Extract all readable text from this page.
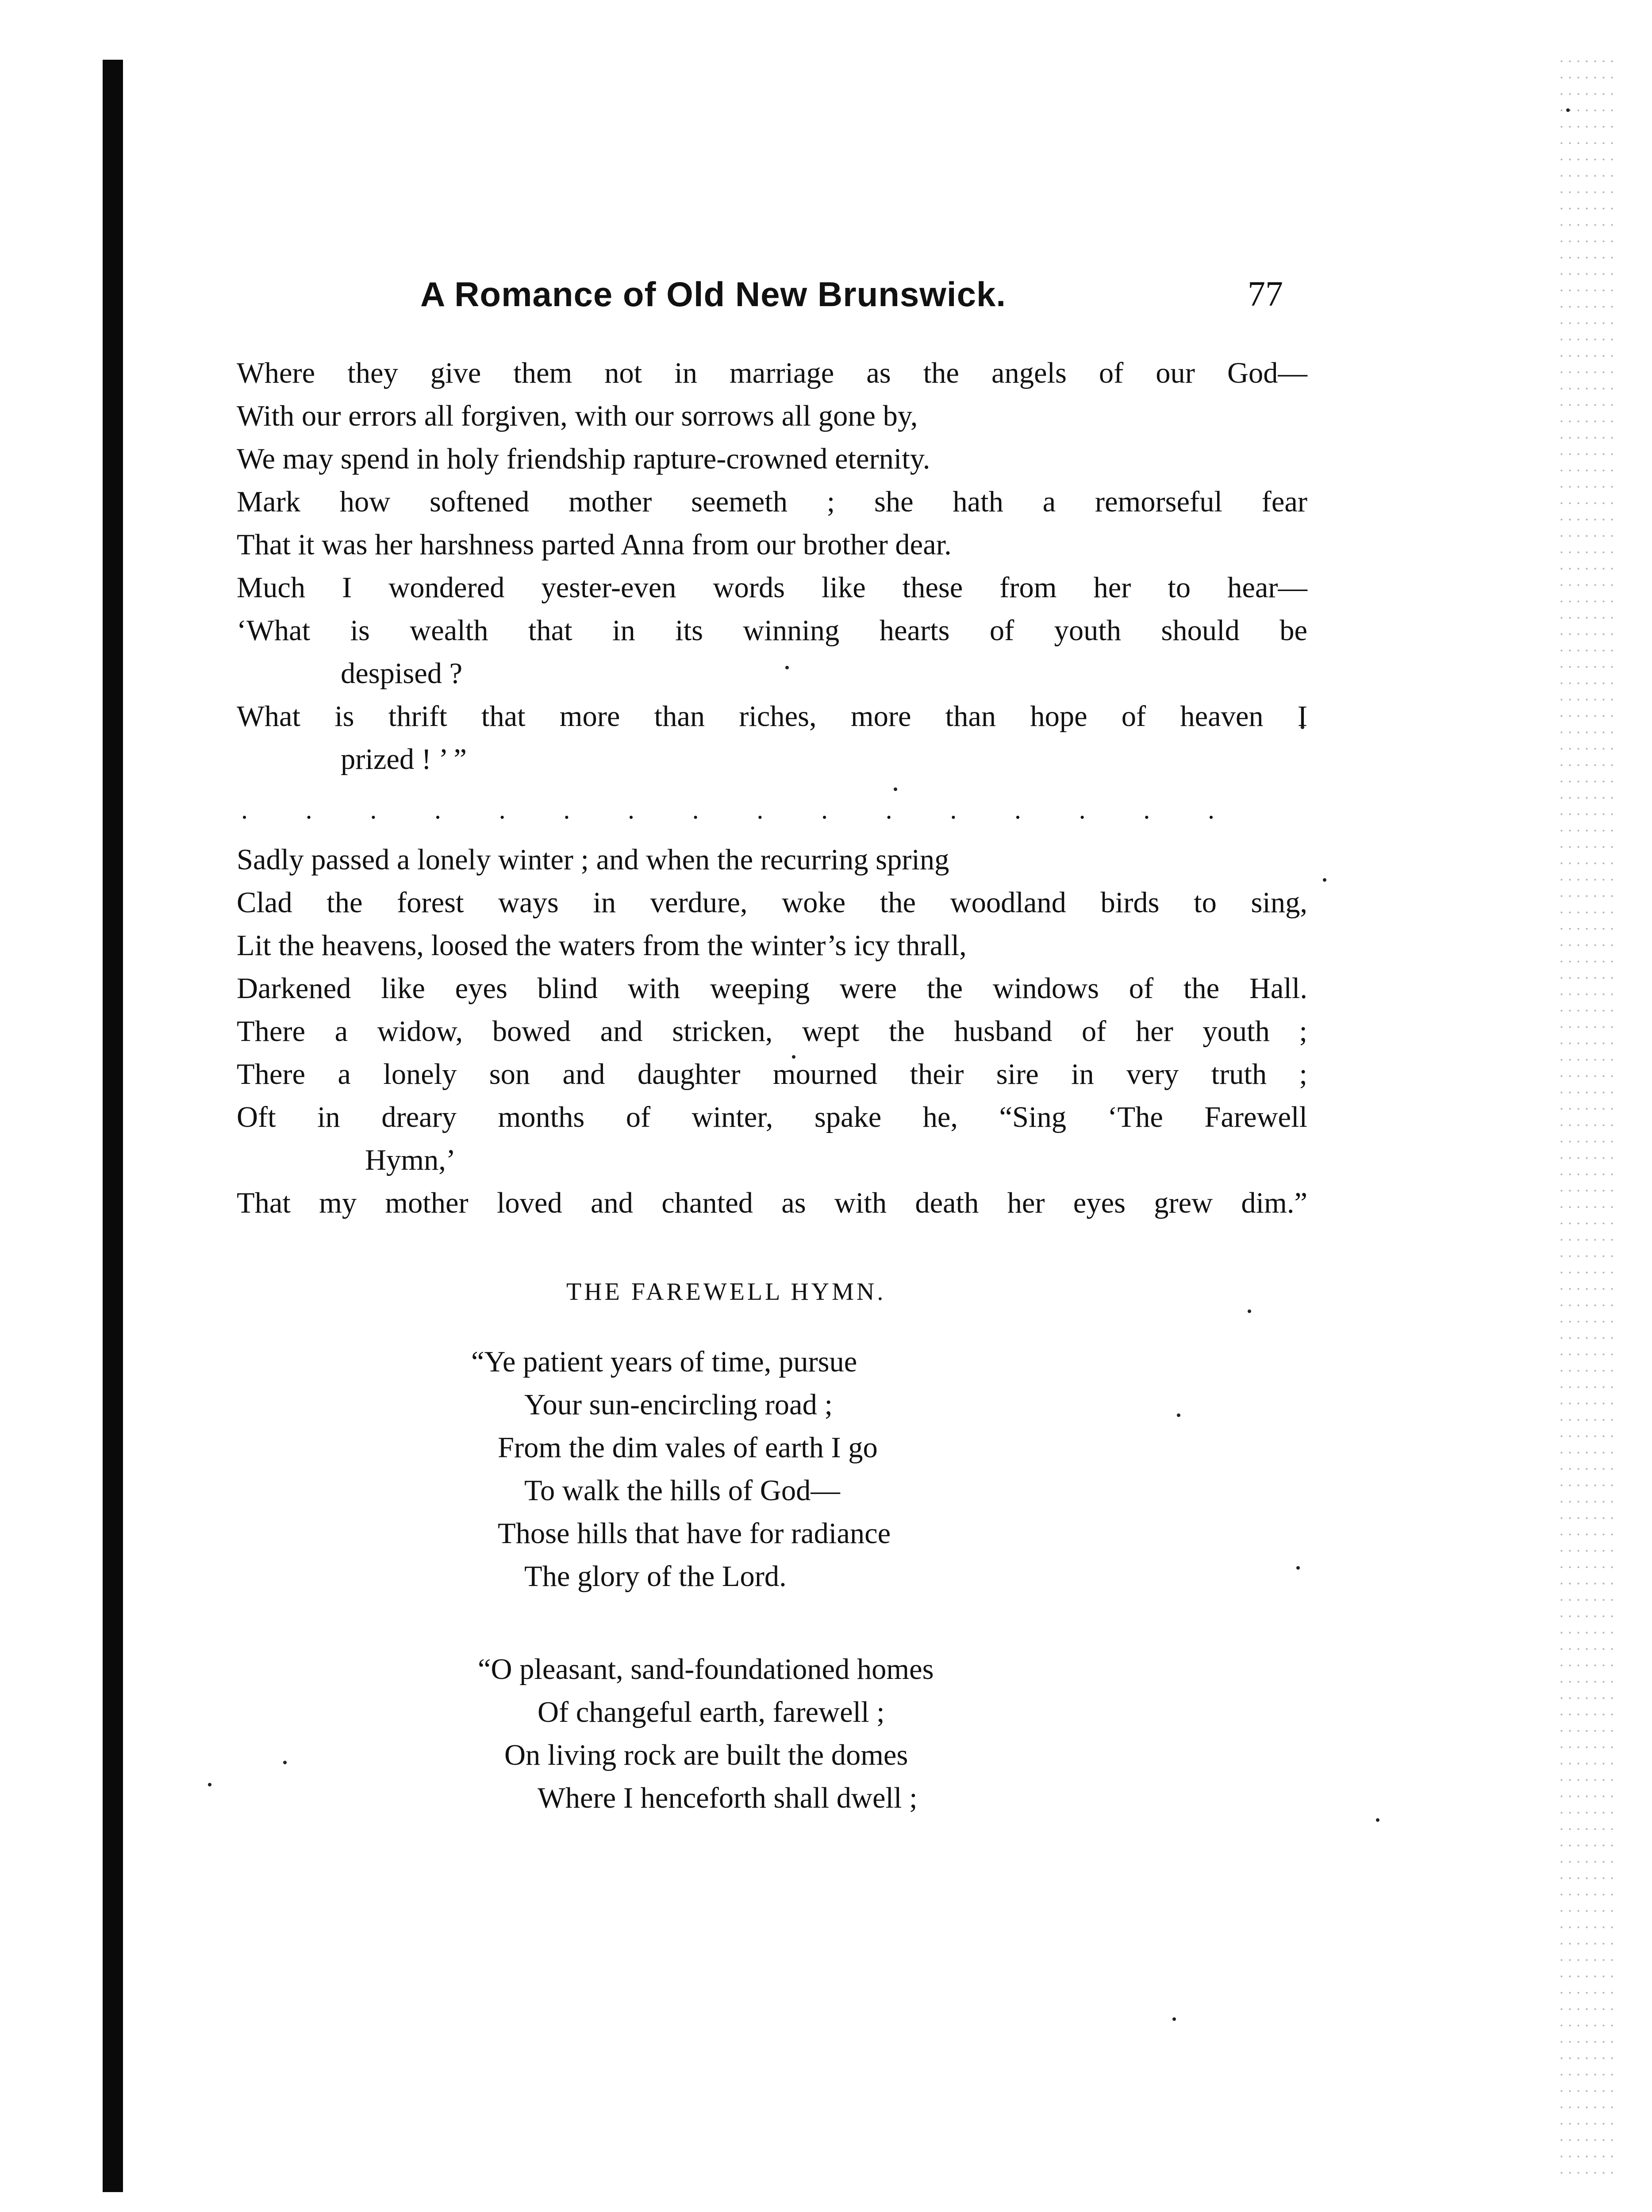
A Romance of Old New Brunswick.	77
Where they give them not in marriage as the angels of our God—
With our errors all forgiven, with our sorrows all gone by,
We may spend in holy friendship rapture-crowned eternity.
Mark how softened mother seemeth ; she hath a remorseful fear
That it was her harshness parted Anna from our brother dear.
Much I wondered yester-even words like these from her to hear—
‘What is wealth that in its winning hearts of youth should be
despised ?
What is thrift that more than riches, more than hope of heaven I
prized ! ’ ”
. . . . . . . . . . . . . . . .
Sadly passed a lonely winter ; and when the recurring spring
Clad the forest ways in verdure, woke the woodland birds to sing,
Lit the heavens, loosed the waters from the winter’s icy thrall,
Darkened like eyes blind with weeping were the windows of the Hall.
There a widow, bowed and stricken, wept the husband of her youth ;
There a lonely son and daughter mourned their sire in very truth ;
Oft in dreary months of winter, spake he, “Sing ‘The Farewell
Hymn,’
That my mother loved and chanted as with death her eyes grew dim.”
THE FAREWELL HYMN.
“Ye patient years of time, pursue
Your sun-encircling road ;
From the dim vales of earth I go
To walk the hills of God—
Those hills that have for radiance
The glory of the Lord.
“O pleasant, sand-foundationed homes
Of changeful earth, farewell ;
On living rock are built the domes
Where I henceforth shall dwell ;
